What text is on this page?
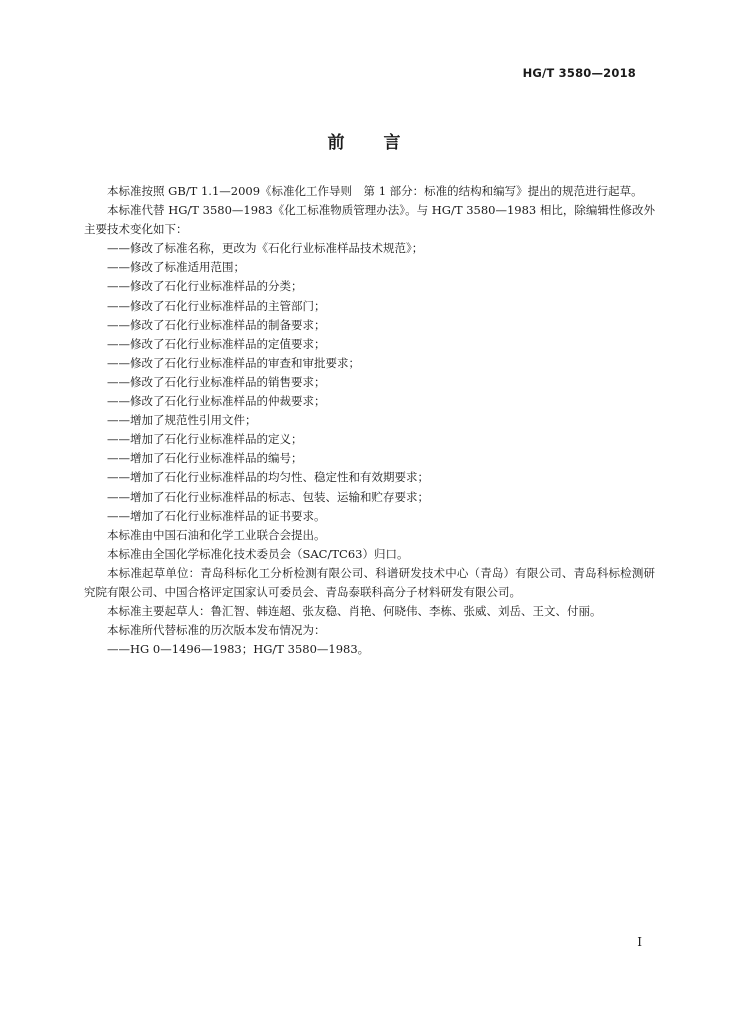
HG/T 3580—2018
前 言

本标准按照 GB/T 1.1—2009《标准化工作导则　第 1 部分：标准的结构和编写》提出的规范进行起草。

本标准代替 HG/T 3580—1983《化工标准物质管理办法》。与 HG/T 3580—1983 相比，除编辑性修改外主要技术变化如下：

——修改了标准名称，更改为《石化行业标准样品技术规范》；
——修改了标准适用范围；
——修改了石化行业标准样品的分类；
——修改了石化行业标准样品的主管部门；
——修改了石化行业标准样品的制备要求；
——修改了石化行业标准样品的定值要求；
——修改了石化行业标准样品的审查和审批要求；
——修改了石化行业标准样品的销售要求；
——修改了石化行业标准样品的仲裁要求；
——增加了规范性引用文件；
——增加了石化行业标准样品的定义；
——增加了石化行业标准样品的编号；
——增加了石化行业标准样品的均匀性、稳定性和有效期要求；
——增加了石化行业标准样品的标志、包装、运输和贮存要求；
——增加了石化行业标准样品的证书要求。

本标准由中国石油和化学工业联合会提出。

本标准由全国化学标准化技术委员会（SAC/TC63）归口。

本标准起草单位：青岛科标化工分析检测有限公司、科谱研发技术中心（青岛）有限公司、青岛科标检测研究院有限公司、中国合格评定国家认可委员会、青岛泰联科高分子材料研发有限公司。

本标准主要起草人：鲁汇智、韩连超、张友稳、肖艳、何晓伟、李栋、张威、刘岳、王文、付丽。

本标准所代替标准的历次版本发布情况为：

——HG 0—1496—1983；HG/T 3580—1983。

I
